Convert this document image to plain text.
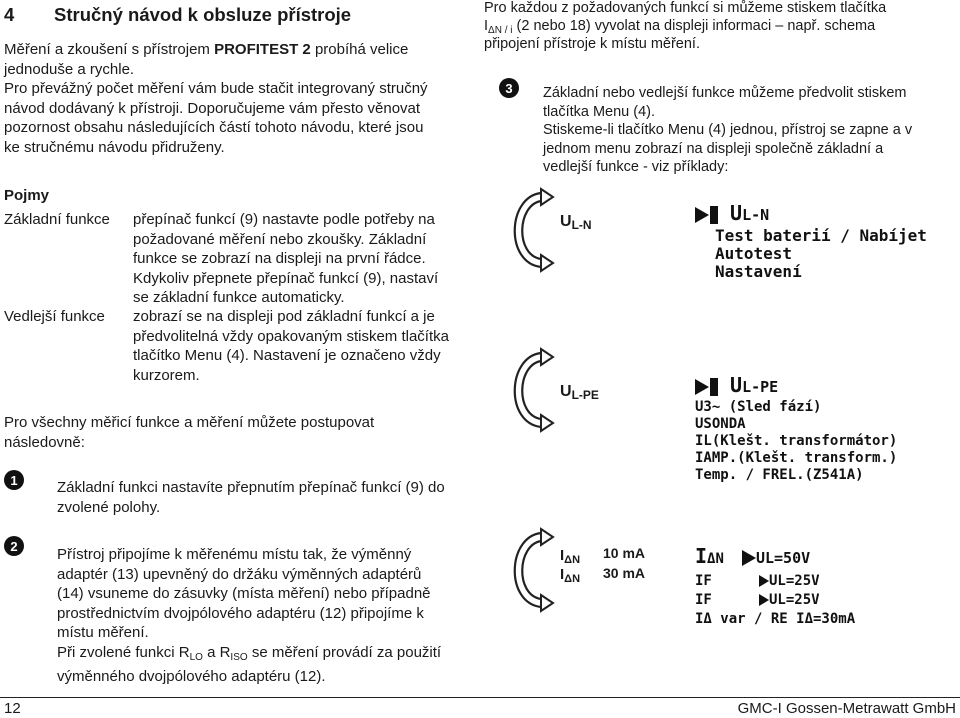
4 Stručný návod k obsluze přístroje
Měření a zkoušení s přístrojem PROFITEST 2 probíhá velice
jednoduše a rychle.
Pro převážný počet měření vám bude stačit integrovaný stručný
návod dodávaný k přístroji. Doporučujeme vám přesto věnovat
pozornost obsahu následujících částí tohoto návodu, které jsou
ke stručnému návodu přidruženy.
Pojmy
Základní funkce přepínač funkcí (9) nastavte podle potřeby na
požadované měření nebo zkoušky. Základní
funkce se zobrazí na displeji na první řádce.
Kdykoliv přepnete přepínač funkcí (9), nastaví
se základní funkce automaticky.
Vedlejší funkce zobrazí se na displeji pod základní funkcí a je
předvolitelná vždy opakovaným stiskem tlačítka
tlačítko Menu (4). Nastavení je označeno vždy
kurzorem.
Pro všechny měřicí funkce a měření můžete postupovat
následovně:
1	Základní funkci nastavíte přepnutím přepínač funkcí (9) do
zvolené polohy.
2	Přístroj připojíme k měřenému místu tak, že výměnný
adaptér (13) upevněný do držáku výměnných adaptérů
(14) vsuneme do zásuvky (místa měření) nebo případně
prostřednictvím dvojpólového adaptéru (12) připojíme k
místu měření.
Při zvolené funkci $R_{LO}$ a $R_{ISO}$ se měření provádí za použití
výměnného dvojpólového adaptéru (12).
Pro každou z požadovaných funkcí si můžeme stiskem tlačítka
$I_{\Delta N / i}$ (2 nebo 18) vyvolat na displeji informaci – např. schema
připojení přístroje k místu měření.
3	Základní nebo vedlejší funkce můžeme předvolit stiskem
tlačítka Menu (4).
Stiskeme-li tlačítko Menu (4) jednou, přístroj se zapne a v
jednom menu zobrazí na displeji společně základní a
vedlejší funkce - viz příklady:
UL-N
UL-PE
$I_{\Delta N}$
$I_{\Delta N}$
10 mA
30 mA
UL-N
Test baterií / Nabíjet
Autotest
Nastavení
UL-PE
U3~ (Sled fází)
USONDA
IL(Klešt. transformátor)
IAMP.(Klešt. transform.)
Temp. / FREL.(Z541A)
IΔN UL=50V
IF	UL=25V
IF	UL=25V
IΔ var / RE IΔ=30mA
12	GMC-I Gossen-Metrawatt GmbH
